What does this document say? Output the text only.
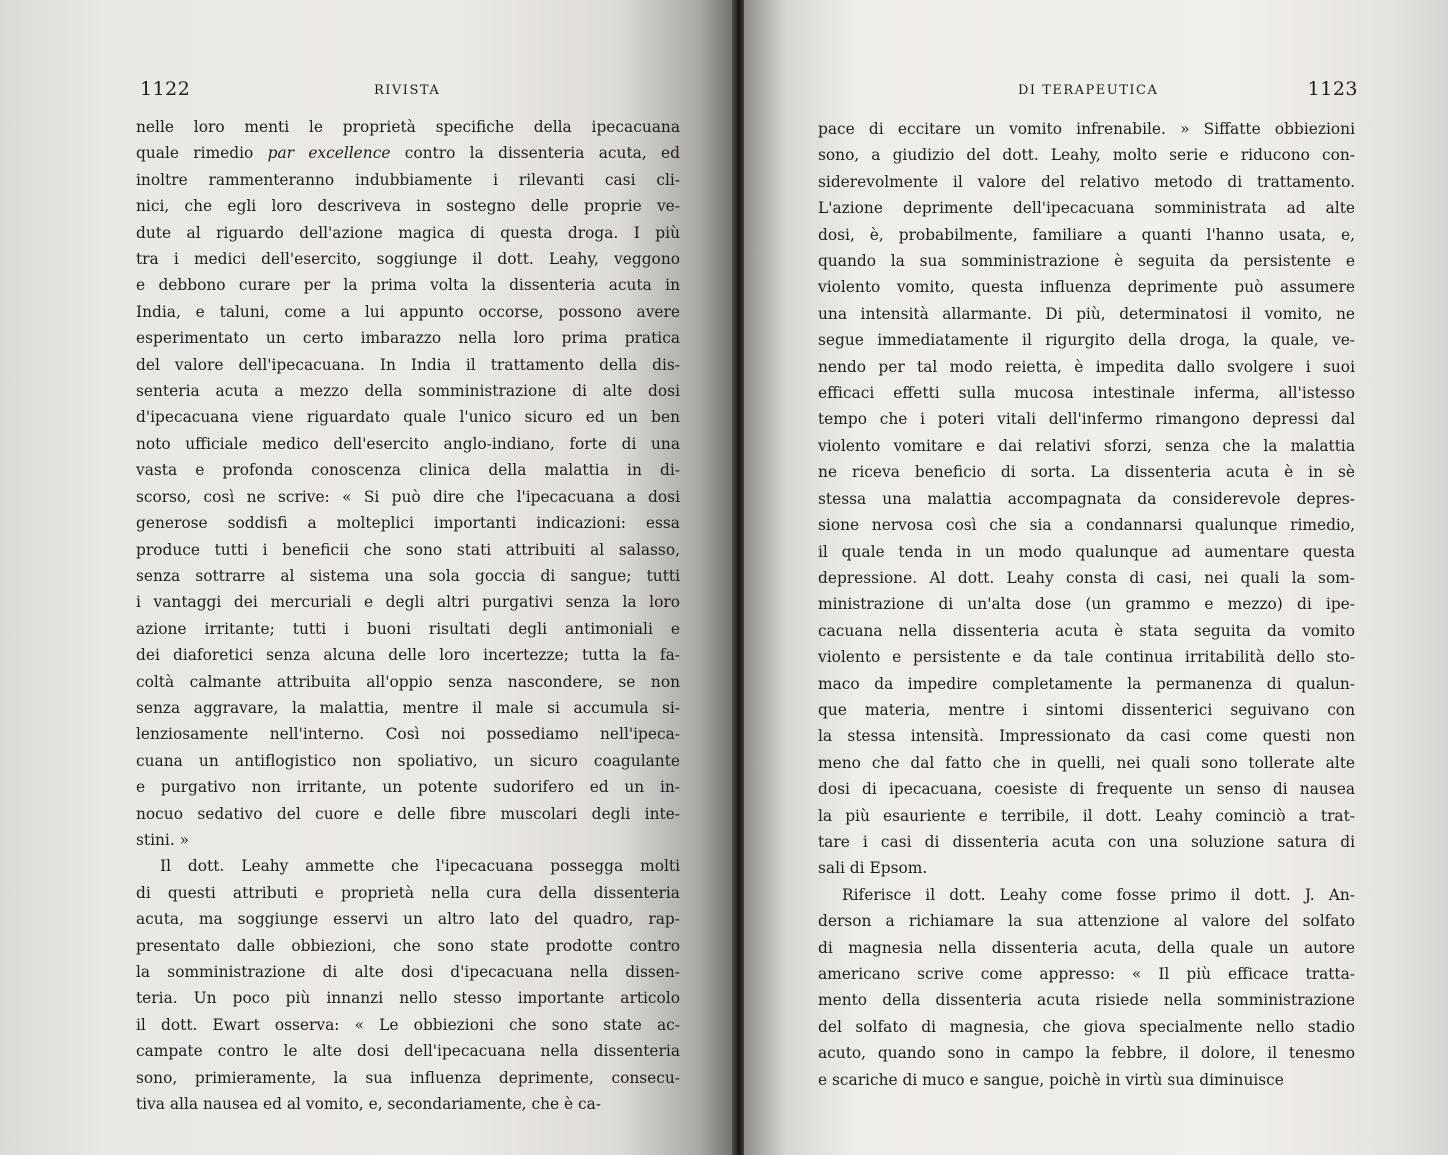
1122	RIVISTA

nelle loro menti le proprietà specifiche della ipecacuana
quale rimedio par excellence contro la dissenteria acuta, ed
inoltre rammenteranno indubbiamente i rilevanti casi cli-
nici, che egli loro descriveva in sostegno delle proprie ve-
dute al riguardo dell'azione magica di questa droga. I più
tra i medici dell'esercito, soggiunge il dott. Leahy, veggono
e debbono curare per la prima volta la dissenteria acuta in
India, e taluni, come a lui appunto occorse, possono avere
esperimentato un certo imbarazzo nella loro prima pratica
del valore dell'ipecacuana. In India il trattamento della dis-
senteria acuta a mezzo della somministrazione di alte dosi
d'ipecacuana viene riguardato quale l'unico sicuro ed un ben
noto ufficiale medico dell'esercito anglo-indiano, forte di una
vasta e profonda conoscenza clinica della malattia in di-
scorso, così ne scrive: « Si può dire che l'ipecacuana a dosi
generose soddisfi a molteplici importanti indicazioni: essa
produce tutti i beneficii che sono stati attribuiti al salasso,
senza sottrarre al sistema una sola goccia di sangue; tutti
i vantaggi dei mercuriali e degli altri purgativi senza la loro
azione irritante; tutti i buoni risultati degli antimoniali e
dei diaforetici senza alcuna delle loro incertezze; tutta la fa-
coltà calmante attribuita all'oppio senza nascondere, se non
senza aggravare, la malattia, mentre il male si accumula si-
lenziosamente nell'interno. Così noi possediamo nell'ipeca-
cuana un antiflogistico non spoliativo, un sicuro coagulante
e purgativo non irritante, un potente sudorifero ed un in-
nocuo sedativo del cuore e delle fibre muscolari degli inte-
stini. »

Il dott. Leahy ammette che l'ipecacuana possegga molti
di questi attributi e proprietà nella cura della dissenteria
acuta, ma soggiunge esservi un altro lato del quadro, rap-
presentato dalle obbiezioni, che sono state prodotte contro
la somministrazione di alte dosi d'ipecacuana nella dissen-
teria. Un poco più innanzi nello stesso importante articolo
il dott. Ewart osserva: « Le obbiezioni che sono state ac-
campate contro le alte dosi dell'ipecacuana nella dissenteria
sono, primieramente, la sua influenza deprimente, consecu-
tiva alla nausea ed al vomito, e, secondariamente, che è ca-

DI TERAPEUTICA	1123

pace di eccitare un vomito infrenabile. » Siffatte obbiezioni
sono, a giudizio del dott. Leahy, molto serie e riducono con-
siderevolmente il valore del relativo metodo di trattamento.
L'azione deprimente dell'ipecacuana somministrata ad alte
dosi, è, probabilmente, familiare a quanti l'hanno usata, e,
quando la sua somministrazione è seguita da persistente e
violento vomito, questa influenza deprimente può assumere
una intensità allarmante. Di più, determinatosi il vomito, ne
segue immediatamente il rigurgito della droga, la quale, ve-
nendo per tal modo reietta, è impedita dallo svolgere i suoi
efficaci effetti sulla mucosa intestinale inferma, all'istesso
tempo che i poteri vitali dell'infermo rimangono depressi dal
violento vomitare e dai relativi sforzi, senza che la malattia
ne riceva beneficio di sorta. La dissenteria acuta è in sè
stessa una malattia accompagnata da considerevole depres-
sione nervosa così che sia a condannarsi qualunque rimedio,
il quale tenda in un modo qualunque ad aumentare questa
depressione. Al dott. Leahy consta di casi, nei quali la som-
ministrazione di un'alta dose (un grammo e mezzo) di ipe-
cacuana nella dissenteria acuta è stata seguita da vomito
violento e persistente e da tale continua irritabilità dello sto-
maco da impedire completamente la permanenza di qualun-
que materia, mentre i sintomi dissenterici seguivano con
la stessa intensità. Impressionato da casi come questi non
meno che dal fatto che in quelli, nei quali sono tollerate alte
dosi di ipecacuana, coesiste di frequente un senso di nausea
la più esauriente e terribile, il dott. Leahy cominciò a trat-
tare i casi di dissenteria acuta con una soluzione satura di
sali di Epsom.

Riferisce il dott. Leahy come fosse primo il dott. J. An-
derson a richiamare la sua attenzione al valore del solfato
di magnesia nella dissenteria acuta, della quale un autore
americano scrive come appresso: « Il più efficace tratta-
mento della dissenteria acuta risiede nella somministrazione
del solfato di magnesia, che giova specialmente nello stadio
acuto, quando sono in campo la febbre, il dolore, il tenesmo
e scariche di muco e sangue, poichè in virtù sua diminuisce
